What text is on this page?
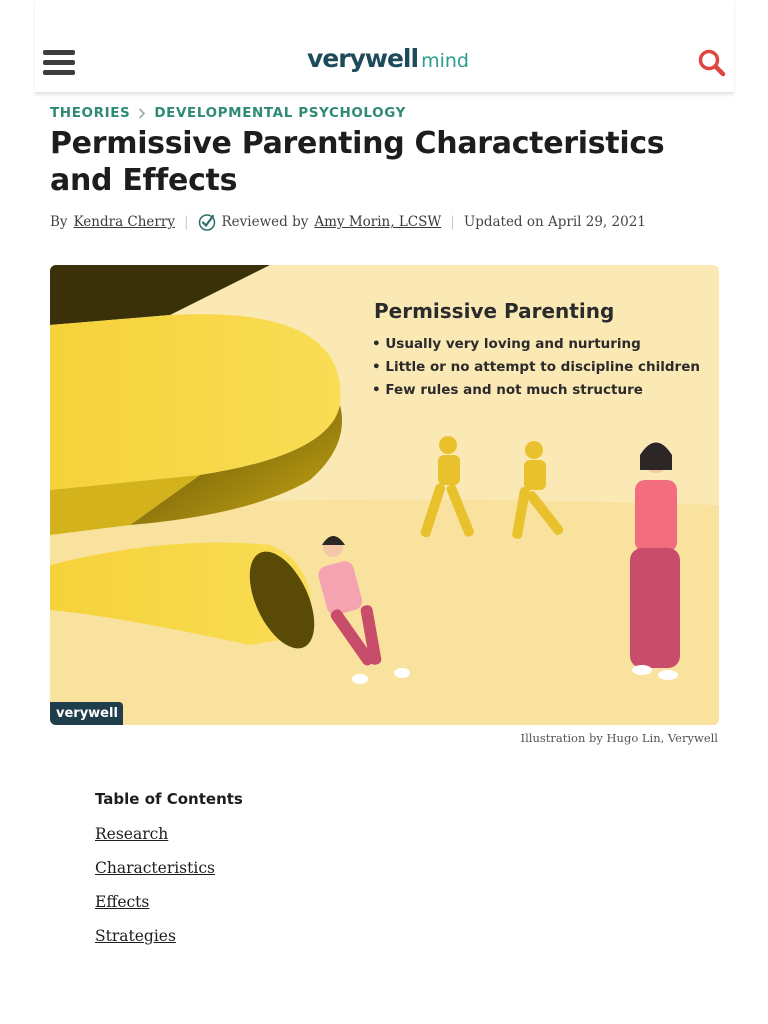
verywell mind
THEORIES DEVELOPMENTAL PSYCHOLOGY
Permissive Parenting Characteristics and Effects
By Kendra Cherry | Reviewed by Amy Morin, LCSW | Updated on April 29, 2021
Permissive Parenting
• Usually very loving and nurturing
• Little or no attempt to discipline children
• Few rules and not much structure
verywell
Illustration by Hugo Lin, Verywell
Table of Contents
Research
Characteristics
Effects
Strategies
